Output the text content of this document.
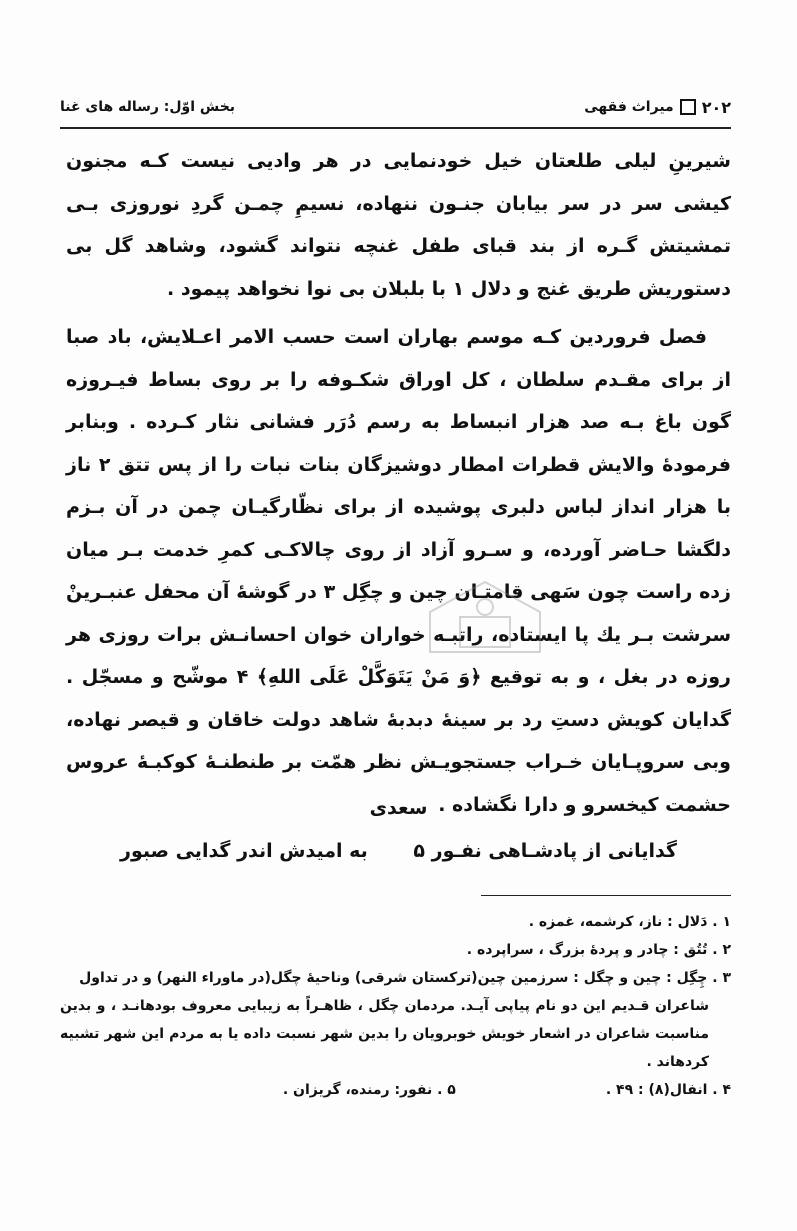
۲۰۲
میراث فقهی
بخش اوّل: رساله های غنا

شیرینِ لیلی طلعتان خیل خودنمایی در هر وادیی نیست کـه مجنون کیشی سر در سر بیابان جنـون ننهاده، نسیمِ چمـن گردِ نوروزی بـی تمشیتش گـره از بند قبای طفل غنچه نتواند گشود، وشاهد گل بی دستوریش طریق غنج و دلال ۱ با بلبلان بی نوا نخواهد پیمود .

فصل فروردین کـه موسم بهاران است حسب الامر اعـلایش، باد صبا از برای مقـدم سلطان ، کل اوراق شکـوفه را بر روی بساط فیـروزه گون باغ بـه صد هزار انبساط به رسم دُرَر فشانی نثار کـرده . وبنابر فرمودهٔ والایش قطرات امطار دوشیزگان بنات نبات را از پس تتق ۲ ناز با هزار انداز لباس دلبری پوشیده از برای نظّارگیـان چمن در آن بـزم دلگشا حـاضر آورده، و سـرو آزاد از روی چالاکـی کمرِ خدمت بـر میان زده راست چون سَهی قامتـان چین و چگِل ۳ در گوشهٔ آن محفل عنبـرینْ سرشت بـر یك پا ایستاده، راتبـه خواران خوان احسانـش برات روزی هر روزه در بغل ، و به توقیع ﴿وَ مَنْ یَتَوَکَّلْ عَلَی اللهِ﴾ ۴ موشّح و مسجّل . گدایان کویش دستِ رد بر سینهٔ دبدبهٔ شاهد دولت خاقان و قیصر نهاده، وبی سروپـایان خـراب جستجویـش نظر همّت بر طنطنـهٔ کوکبـهٔ عروس حشمت کیخسرو و دارا نگشاده .

سعدی
گدایانی از پادشـاهی نفـور ۵
به امیدش اندر گدایی صبور

۱ . دَلال : ناز، کرشمه، غمزه .

۲ . تُتُق : چادر و پردهٔ بزرگ ، سراپرده .

۳ . چِگِل : چین و چگل : سرزمین چین(ترکستان شرقی) وناحیهٔ چگل(در ماوراء النهر) و در تداول

شاعران قـدیم این دو نام پیاپی آیـد. مردمان چگل ، ظاهـراً به زیبایی معروف بودهانـد ، و بدین مناسبت شاعران در اشعار خویش خوبرویان را بدین شهر نسبت داده یا به مردم این شهر تشبیه کردهاند .

۴ . انفال(۸) : ۴۹ .
۵ . نفور: رمنده، گریزان .
